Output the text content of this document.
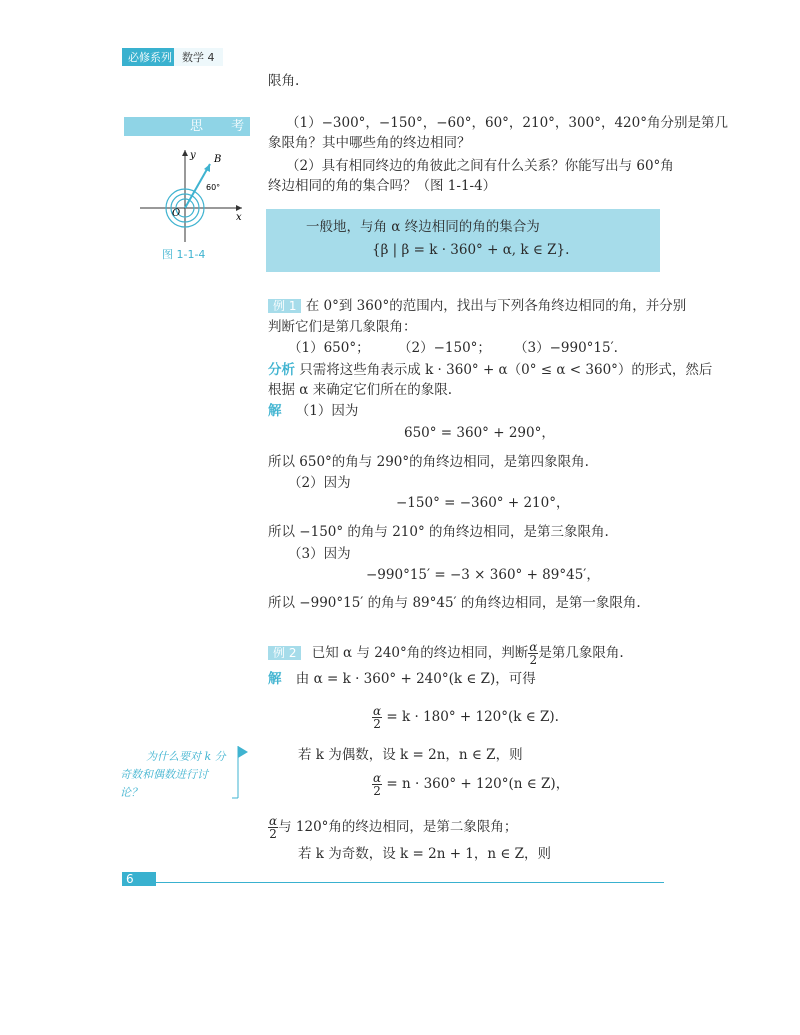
必修系列 数学 4
限角.
思 考
y
x
O
B
60°
图 1-1-4
（1）−300°，−150°，−60°，60°，210°，300°，420°角分别是第几
象限角？其中哪些角的终边相同？
（2）具有相同终边的角彼此之间有什么关系？你能写出与 60°角
终边相同的角的集合吗？（图 1-1-4）
一般地，与角 α 终边相同的角的集合为
{β | β = k · 360° + α, k ∈ Z}.
例 1 在 0°到 360°的范围内，找出与下列各角终边相同的角，并分别
判断它们是第几象限角：
（1）650°； （2）−150°； （3）−990°15′.
分析 只需将这些角表示成 k · 360° + α（0° ≤ α < 360°）的形式，然后
根据 α 来确定它们所在的象限.
解 （1）因为
650° = 360° + 290°，
所以 650°的角与 290°的角终边相同，是第四象限角.
（2）因为
−150° = −360° + 210°，
所以 −150° 的角与 210° 的角终边相同，是第三象限角.
（3）因为
−990°15′ = −3 × 360° + 89°45′，
所以 −990°15′ 的角与 89°45′ 的角终边相同，是第一象限角.
例 2 已知 α 与 240°角的终边相同，判断 $\frac{\alpha}{2}$ 是第几象限角.
解 由 α = k · 360° + 240°(k ∈ Z)，可得
$\frac{\alpha}{2} = k \cdot 180^\circ + 120^\circ(k$ ∈ Z).
若 k 为偶数，设 k = 2n，n ∈ Z，则
$\frac{\alpha}{2} = n \cdot 360^\circ + 120^\circ(n$ ∈ Z)，
$\frac{\alpha}{2}$ 与 120°角的终边相同，是第二象限角；
若 k 为奇数，设 k = 2n + 1，n ∈ Z，则
为什么要对 k 分
奇数和偶数进行讨
论？
6
